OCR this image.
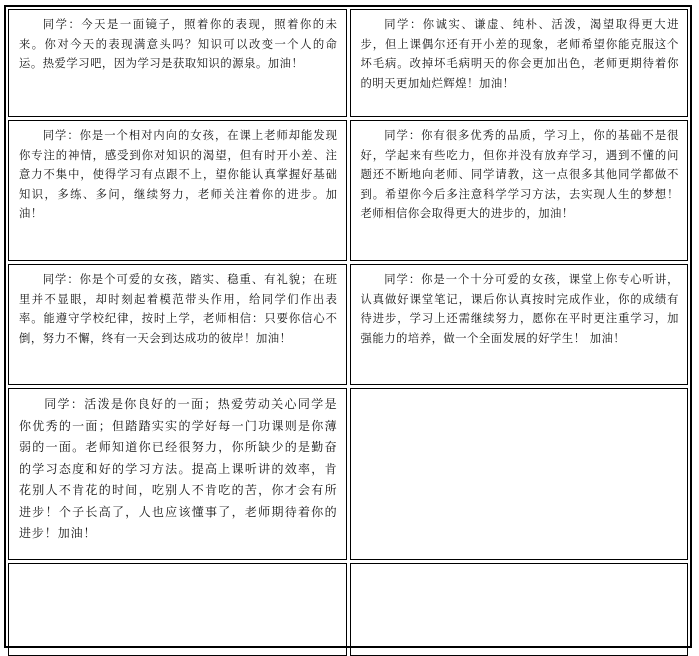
同学：今天是一面镜子，照着你的表现，照着你的未来。你对今天的表现满意头吗？知识可以改变一个人的命运。热爱学习吧，因为学习是获取知识的源泉。加油！

同学：你诚实、谦虚、纯朴、活泼，渴望取得更大进步，但上课偶尔还有开小差的现象，老师希望你能克服这个坏毛病。改掉坏毛病明天的你会更加出色，老师更期待着你的明天更加灿烂辉煌！加油！

同学：你是一个相对内向的女孩，在课上老师却能发现你专注的神情，感受到你对知识的渴望，但有时开小差、注意力不集中，使得学习有点跟不上，望你能认真掌握好基础知识，多练、多问，继续努力，老师关注着你的进步。加油！

同学：你有很多优秀的品质，学习上，你的基础不是很好，学起来有些吃力，但你并没有放弃学习，遇到不懂的问题还不断地向老师、同学请教，这一点很多其他同学都做不到。希望你今后多注意科学学习方法，去实现人生的梦想！老师相信你会取得更大的进步的，加油！

同学：你是个可爱的女孩，踏实、稳重、有礼貌；在班里并不显眼，却时刻起着模范带头作用，给同学们作出表率。能遵守学校纪律，按时上学，老师相信：只要你信心不倒，努力不懈，终有一天会到达成功的彼岸！加油！

同学：你是一个十分可爱的女孩，课堂上你专心听讲，认真做好课堂笔记，课后你认真按时完成作业，你的成绩有待进步，学习上还需继续努力，愿你在平时更注重学习，加强能力的培养，做一个全面发展的好学生！ 加油！

同学：活泼是你良好的一面；热爱劳动关心同学是你优秀的一面；但踏踏实实的学好每一门功课则是你薄弱的一面。老师知道你已经很努力，你所缺少的是勤奋的学习态度和好的学习方法。提高上课听讲的效率，肯花别人不肯花的时间，吃别人不肯吃的苦，你才会有所进步！个子长高了，人也应该懂事了，老师期待着你的进步！加油！
